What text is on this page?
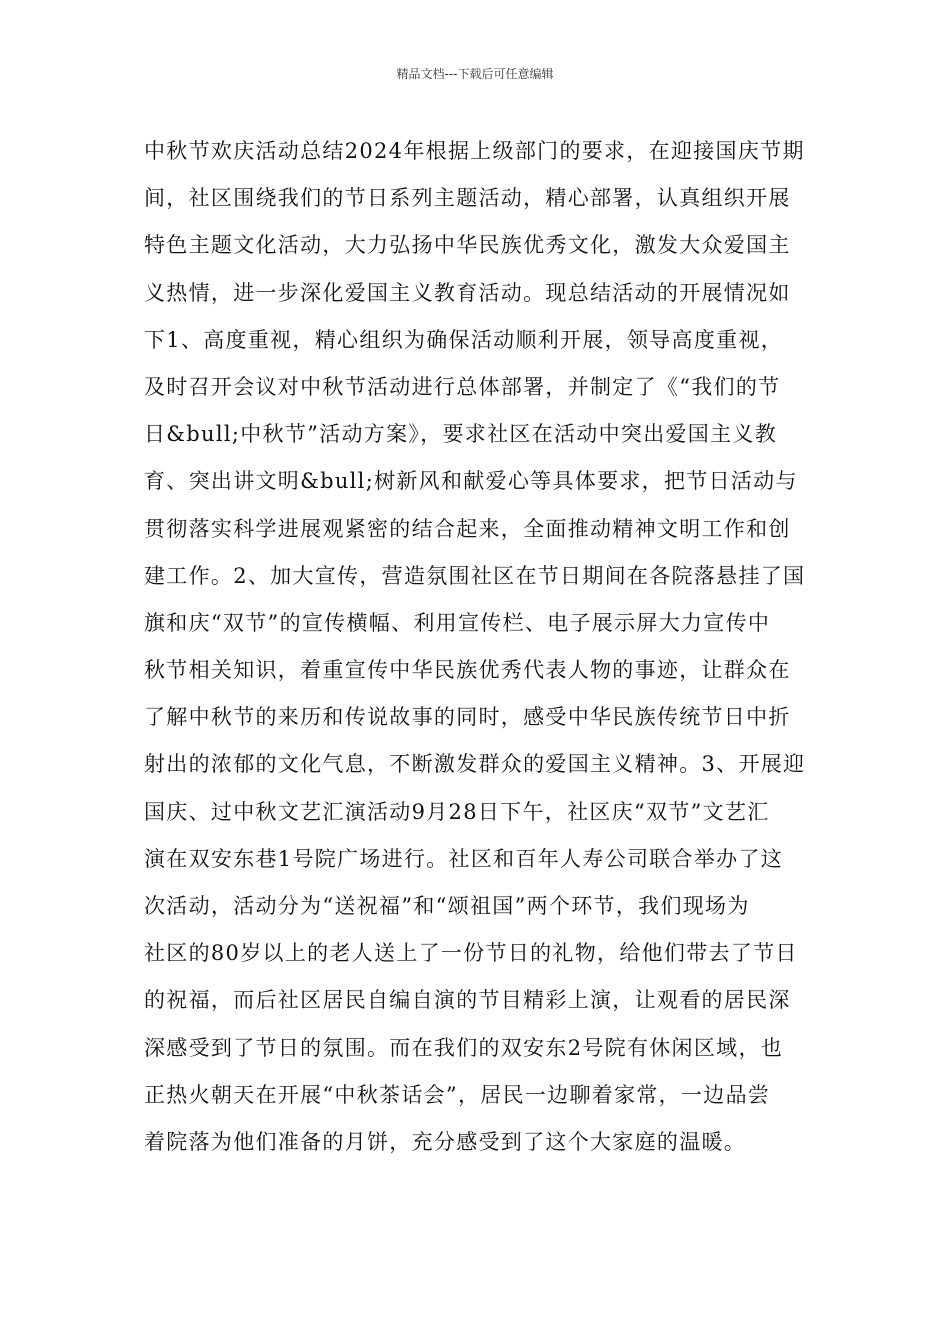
精品文档---下载后可任意编辑
中秋节欢庆活动总结2024年根据上级部门的要求，在迎接国庆节期
间，社区围绕我们的节日系列主题活动，精心部署，认真组织开展
特色主题文化活动，大力弘扬中华民族优秀文化，激发大众爱国主
义热情，进一步深化爱国主义教育活动。现总结活动的开展情况如
下1、高度重视，精心组织为确保活动顺利开展，领导高度重视，
及时召开会议对中秋节活动进行总体部署，并制定了《“我们的节
日&bull;中秋节”活动方案》，要求社区在活动中突出爱国主义教
育、突出讲文明&bull;树新风和献爱心等具体要求，把节日活动与
贯彻落实科学进展观紧密的结合起来，全面推动精神文明工作和创
建工作。2、加大宣传，营造氛围社区在节日期间在各院落悬挂了国
旗和庆“双节”的宣传横幅、利用宣传栏、电子展示屏大力宣传中
秋节相关知识，着重宣传中华民族优秀代表人物的事迹，让群众在
了解中秋节的来历和传说故事的同时，感受中华民族传统节日中折
射出的浓郁的文化气息，不断激发群众的爱国主义精神。3、开展迎
国庆、过中秋文艺汇演活动9月28日下午，社区庆“双节”文艺汇
演在双安东巷1号院广场进行。社区和百年人寿公司联合举办了这
次活动，活动分为“送祝福”和“颂祖国”两个环节，我们现场为
社区的80岁以上的老人送上了一份节日的礼物，给他们带去了节日
的祝福，而后社区居民自编自演的节目精彩上演，让观看的居民深
深感受到了节日的氛围。而在我们的双安东2号院有休闲区域，也
正热火朝天在开展“中秋茶话会”，居民一边聊着家常，一边品尝
着院落为他们准备的月饼，充分感受到了这个大家庭的温暖。
